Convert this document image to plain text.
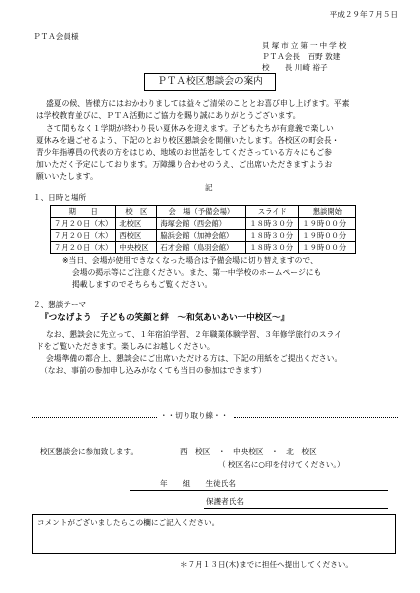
平成２９年７月５日
ＰＴＡ会員様
貝塚市立第一中学校
ＰＴＡ会長　百野 敦建
校　　長 川崎 裕子
ＰＴＡ校区懇談会の案内
盛夏の候、皆様方にはおかわりましては益々ご清栄のこととお喜び申し上げます。平素
は学校教育並びに、ＰＴＡ活動にご協力を賜り誠にありがとうございます。
さて間もなく１学期が終わり長い夏休みを迎えます。子どもたちが有意義で楽しい
夏休みを過ごせるよう、下記のとおり校区懇談会を開催いたします。各校区の町会長・
青少年指導員の代表の方をはじめ、地域のお世話をしてくださっている方々にもご参
加いただく予定にしております。万障繰り合わせのうえ、ご出席いただきますようお
願いいたします。
記
１、日時と場所
期　　日	校　区	会　場（予備会場）	スライド	懇談開始
７月２０日（木）	北校区	海塚会館（西会館）	１８時３０分	１９時００分
７月２０日（木）	西校区	脇浜会館（加神会館）	１８時３０分	１９時００分
７月２０日（木）	中央校区	石才会館（鳥羽会館）	１８時３０分	１９時００分
※当日、会場が使用できなくなった場合は予備会場に切り替えますので、
会場の掲示等にご注意ください。また、第一中学校のホームページにも
掲載しますのでそちらもご覧ください。
２、懇談テーマ
『つなげよう　子どもの笑顔と絆　～和気あいあい一中校区～』
なお、懇談会に先立って、１年宿泊学習、２年職業体験学習、３年修学旅行のスライ
ドをご覧いただきます。楽しみにお越しください。
会場準備の都合上、懇談会にご出席いただける方は、下記の用紙をご提出ください。
（なお、事前の参加申し込みがなくても当日の参加はできます）
・・切り取り線・・
校区懇談会に参加致します。	西　校区　・　中央校区　・　北　校区
（ 校区名に○印を付けてください。）
年　　組　　生徒氏名
保護者氏名
コメントがございましたらこの欄にご記入ください。
＊７月１３日(木)までに担任へ提出してください。
